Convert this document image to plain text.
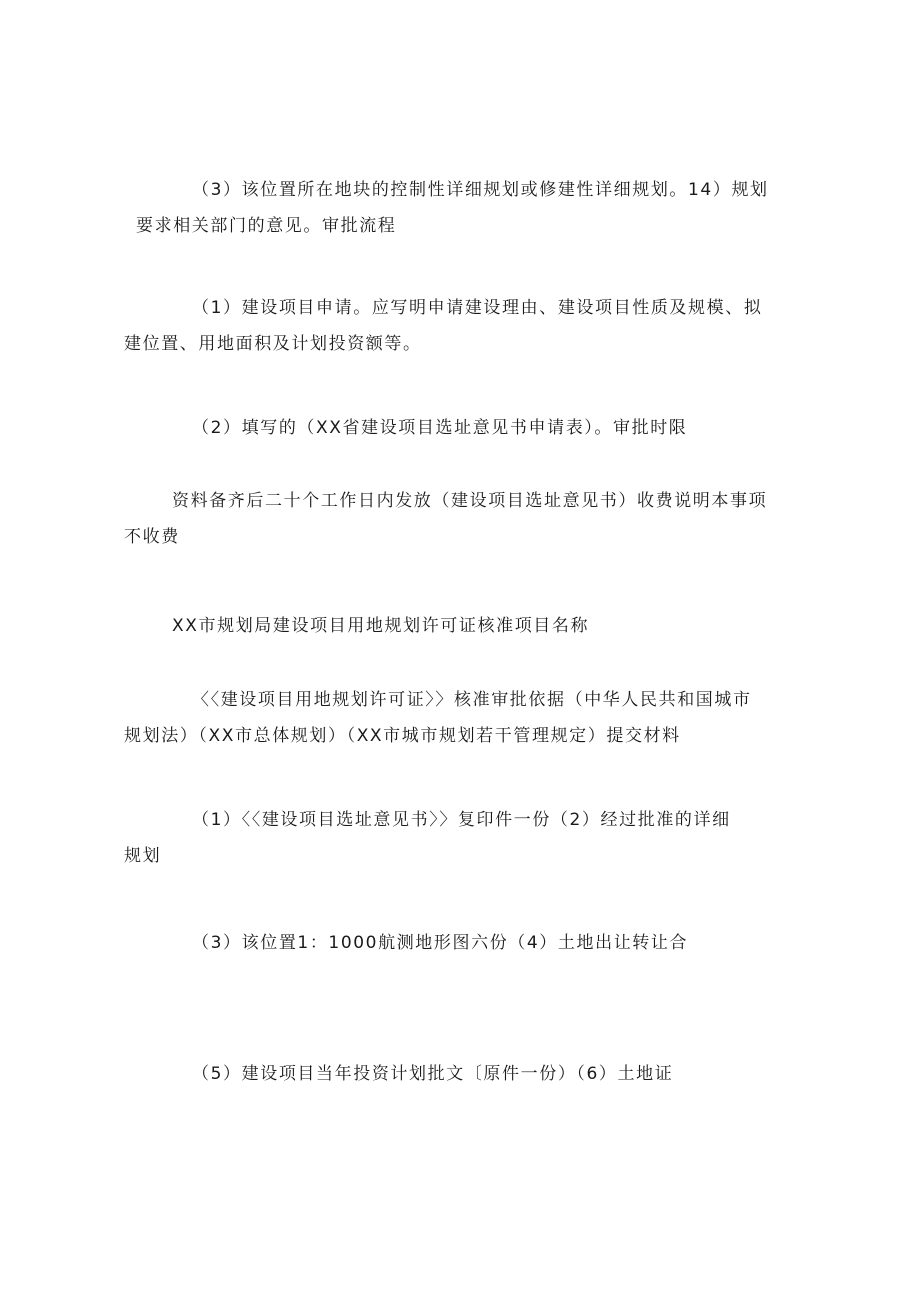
（3）该位置所在地块的控制性详细规划或修建性详细规划。14）规划
要求相关部门的意见。审批流程
（1）建设项目申请。应写明申请建设理由、建设项目性质及规模、拟
建位置、用地面积及计划投资额等。
（2）填写的（XX省建设项目选址意见书申请表）。审批时限
资料备齐后二十个工作日内发放（建设项目选址意见书）收费说明本事项
不收费
XX市规划局建设项目用地规划许可证核准项目名称
〈〈建设项目用地规划许可证〉〉核准审批依据（中华人民共和国城市
规划法）（XX市总体规划）（XX市城市规划若干管理规定）提交材料
（1）〈〈建设项目选址意见书〉〉复印件一份（2）经过批准的详细
规划
（3）该位置1：1000航测地形图六份（4）土地出让转让合
（5）建设项目当年投资计划批文〔原件一份）（6）土地证
